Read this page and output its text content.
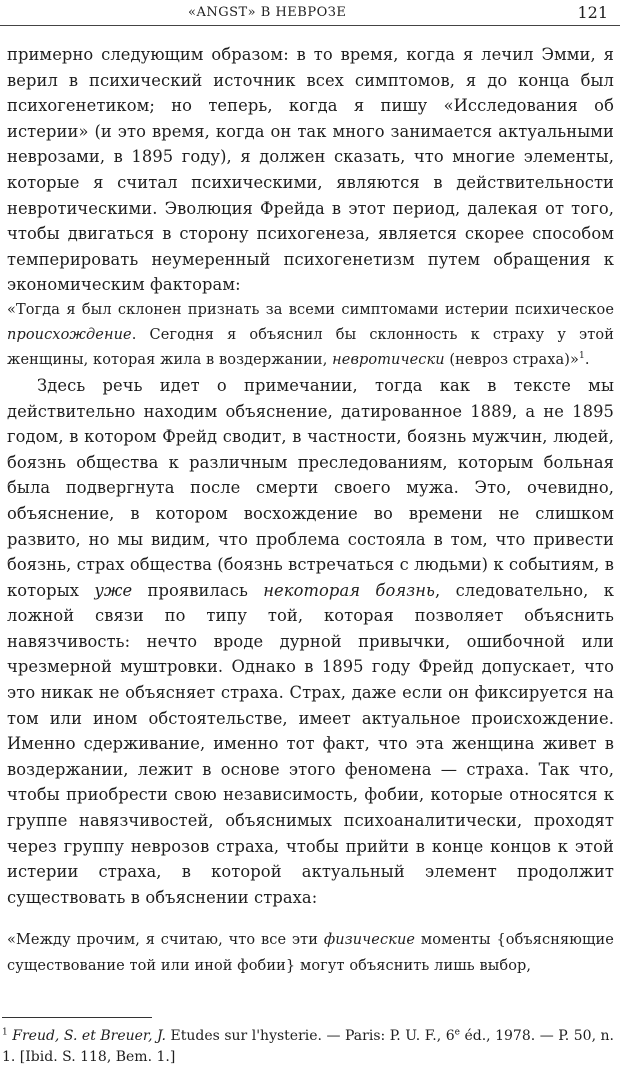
«ANGST» В НЕВРОЗЕ	121

примерно следующим образом: в то время, когда я лечил Эмми, я верил в психический источник всех симптомов, я до конца был психогенетиком; но теперь, когда я пишу «Исследования об истерии» (и это время, когда он так много занимается актуальными неврозами, в 1895 году), я должен сказать, что многие элементы, которые я считал психическими, являются в действительности невротическими. Эволюция Фрейда в этот период, далекая от того, чтобы двигаться в сторону психогенеза, является скорее способом темперировать неумеренный психогенетизм путем обращения к экономическим факторам:

«Тогда я был склонен признать за всеми симптомами истерии психическое происхождение. Сегодня я объяснил бы склонность к страху у этой женщины, которая жила в воздержании, невротически (невроз страха)»$^1$.

Здесь речь идет о примечании, тогда как в тексте мы действительно находим объяснение, датированное 1889, а не 1895 годом, в котором Фрейд сводит, в частности, боязнь мужчин, людей, боязнь общества к различным преследованиям, которым больная была подвергнута после смерти своего мужа. Это, очевидно, объяснение, в котором восхождение во времени не слишком развито, но мы видим, что проблема состояла в том, что привести боязнь, страх общества (боязнь встречаться с людьми) к событиям, в которых уже проявилась некоторая боязнь, следовательно, к ложной связи по типу той, которая позволяет объяснить навязчивость: нечто вроде дурной привычки, ошибочной или чрезмерной муштровки. Однако в 1895 году Фрейд допускает, что это никак не объясняет страха. Страх, даже если он фиксируется на том или ином обстоятельстве, имеет актуальное происхождение. Именно сдерживание, именно тот факт, что эта женщина живет в воздержании, лежит в основе этого феномена — страха. Так что, чтобы приобрести свою независимость, фобии, которые относятся к группе навязчивостей, объяснимых психоаналитически, проходят через группу неврозов страха, чтобы прийти в конце концов к этой истерии страха, в которой актуальный элемент продолжит существовать в объяснении страха:

«Между прочим, я считаю, что все эти физические моменты {объясняющие существование той или иной фобии} могут объяснить лишь выбор,

$^1$ Freud, S. et Breuer, J. Etudes sur l'hysterie. — Paris: P. U. F., 6e éd., 1978. — P. 50, n. 1. [Ibid. S. 118, Bem. 1.]
